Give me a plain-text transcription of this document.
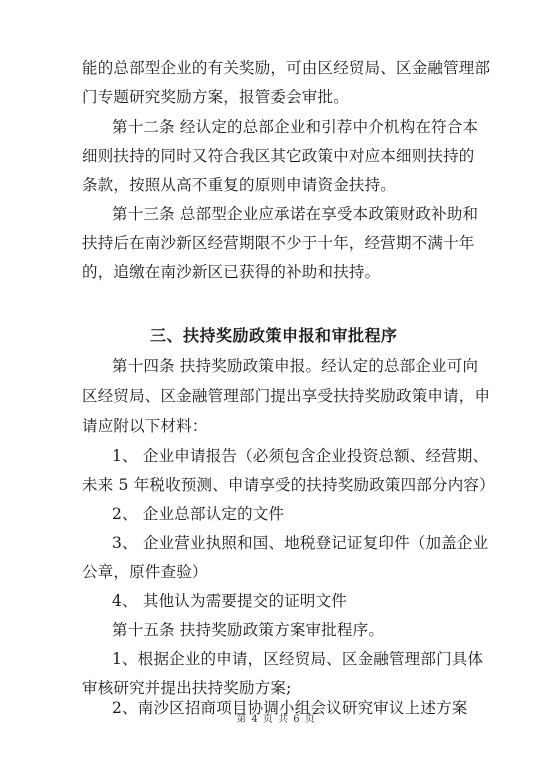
能的总部型企业的有关奖励，可由区经贸局、区金融管理部
门专题研究奖励方案，报管委会审批。
第十二条 经认定的总部企业和引荐中介机构在符合本
细则扶持的同时又符合我区其它政策中对应本细则扶持的
条款，按照从高不重复的原则申请资金扶持。
第十三条 总部型企业应承诺在享受本政策财政补助和
扶持后在南沙新区经营期限不少于十年，经营期不满十年
的，追缴在南沙新区已获得的补助和扶持。
三、扶持奖励政策申报和审批程序
第十四条 扶持奖励政策申报。经认定的总部企业可向
区经贸局、区金融管理部门提出享受扶持奖励政策申请，申
请应附以下材料：
1、 企业申请报告（必须包含企业投资总额、经营期、
未来 5 年税收预测、申请享受的扶持奖励政策四部分内容）
2、 企业总部认定的文件
3、 企业营业执照和国、地税登记证复印件（加盖企业
公章，原件查验）
4、 其他认为需要提交的证明文件
第十五条 扶持奖励政策方案审批程序。
1、根据企业的申请，区经贸局、区金融管理部门具体
审核研究并提出扶持奖励方案;
2、南沙区招商项目协调小组会议研究审议上述方案
第 4 页 共 6 页
